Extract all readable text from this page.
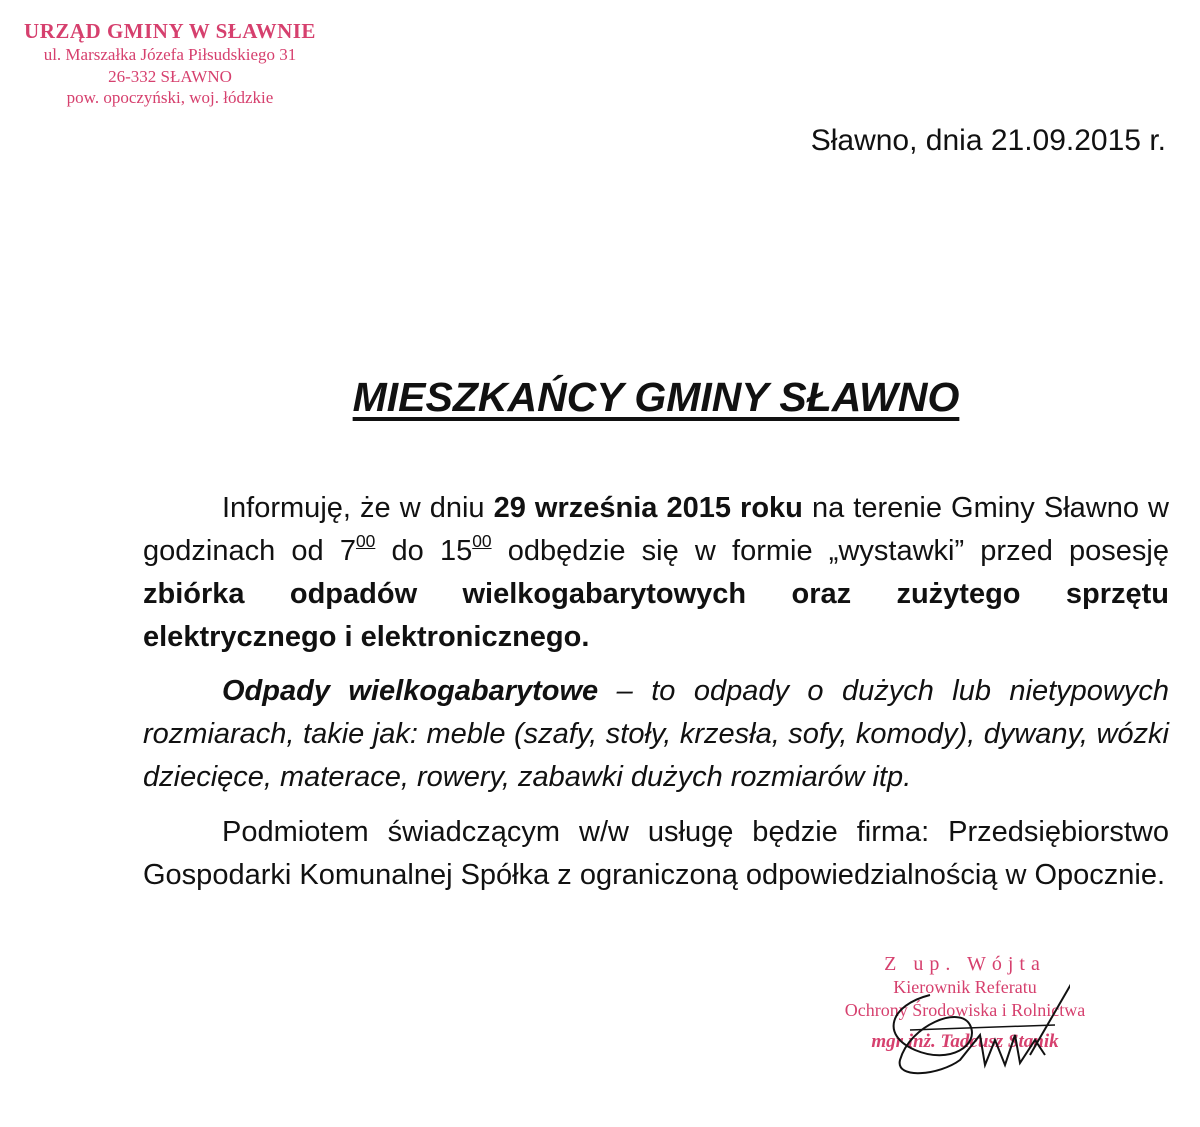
URZĄD GMINY W SŁAWNIE
ul. Marszałka Józefa Piłsudskiego 31
26-332 SŁAWNO
pow. opoczyński, woj. łódzkie
Sławno, dnia 21.09.2015 r.
MIESZKAŃCY GMINY SŁAWNO

Informuję, że w dniu 29 września 2015 roku na terenie Gminy Sławno w godzinach od $7^{00}$ do $15^{00}$ odbędzie się w formie „wystawki” przed posesję zbiórka odpadów wielkogabarytowych oraz zużytego sprzętu elektrycznego i elektronicznego.

Odpady wielkogabarytowe – to odpady o dużych lub nietypowych rozmiarach, takie jak: meble (szafy, stoły, krzesła, sofy, komody), dywany, wózki dziecięce, materace, rowery, zabawki dużych rozmiarów itp.

Podmiotem świadczącym w/w usługę będzie firma: Przedsiębiorstwo Gospodarki Komunalnej Spółka z ograniczoną odpowiedzialnością w Opocznie.

Z up. Wójta
Kierownik Referatu
Ochrony Środowiska i Rolnictwa
mgr inż. Tadeusz Stanik
